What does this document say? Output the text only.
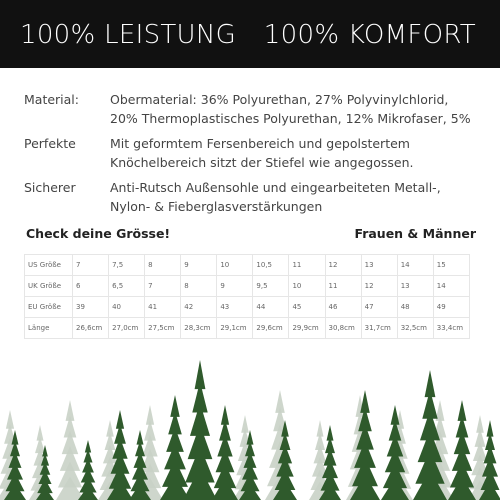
100% LEISTUNG 100% KOMFORT
Material:	Obermaterial: 36% Polyurethan, 27% Polyvinylchlorid,
20% Thermoplastisches Polyurethan, 12% Mikrofaser, 5%
Perfekte	Mit geformtem Fersenbereich und gepolstertem
Knöchelbereich sitzt der Stiefel wie angegossen.
Sicherer	Anti-Rutsch Außensohle und eingearbeiteten Metall-,
Nylon- & Fieberglasverstärkungen
Check deine Grösse!	Frauen & Männer
US Größe	7	7,5	8	9	10	10,5	11	12	13	14	15
UK Größe	6	6,5	7	8	9	9,5	10	11	12	13	14
EU Größe	39	40	41	42	43	44	45	46	47	48	49
Länge	26,6cm	27,0cm	27,5cm	28,3cm	29,1cm	29,6cm	29,9cm	30,8cm	31,7cm	32,5cm	33,4cm
